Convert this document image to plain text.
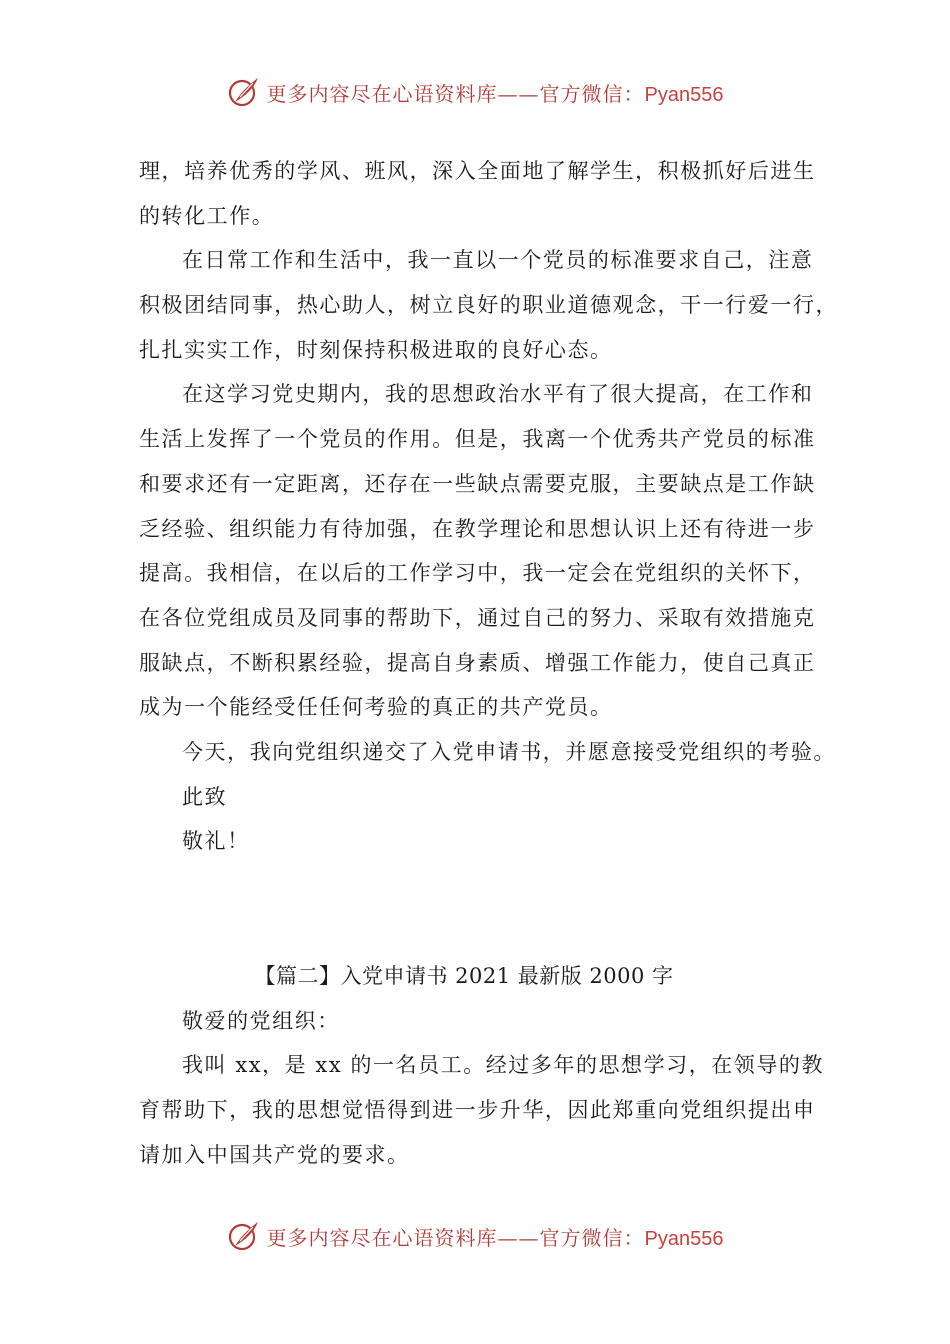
更多内容尽在心语资料库——官方微信：Pyan556
理，培养优秀的学风、班风，深入全面地了解学生，积极抓好后进生
的转化工作。
在日常工作和生活中，我一直以一个党员的标准要求自己，注意
积极团结同事，热心助人，树立良好的职业道德观念，干一行爱一行，
扎扎实实工作，时刻保持积极进取的良好心态。
在这学习党史期内，我的思想政治水平有了很大提高，在工作和
生活上发挥了一个党员的作用。但是，我离一个优秀共产党员的标准
和要求还有一定距离，还存在一些缺点需要克服，主要缺点是工作缺
乏经验、组织能力有待加强，在教学理论和思想认识上还有待进一步
提高。我相信，在以后的工作学习中，我一定会在党组织的关怀下，
在各位党组成员及同事的帮助下，通过自己的努力、采取有效措施克
服缺点，不断积累经验，提高自身素质、增强工作能力，使自己真正
成为一个能经受任任何考验的真正的共产党员。
今天，我向党组织递交了入党申请书，并愿意接受党组织的考验。
此致
敬礼！
【篇二】入党申请书 2021 最新版 2000 字
敬爱的党组织：
我叫 xx，是 xx 的一名员工。经过多年的思想学习，在领导的教
育帮助下，我的思想觉悟得到进一步升华，因此郑重向党组织提出申
请加入中国共产党的要求。
更多内容尽在心语资料库——官方微信：Pyan556
